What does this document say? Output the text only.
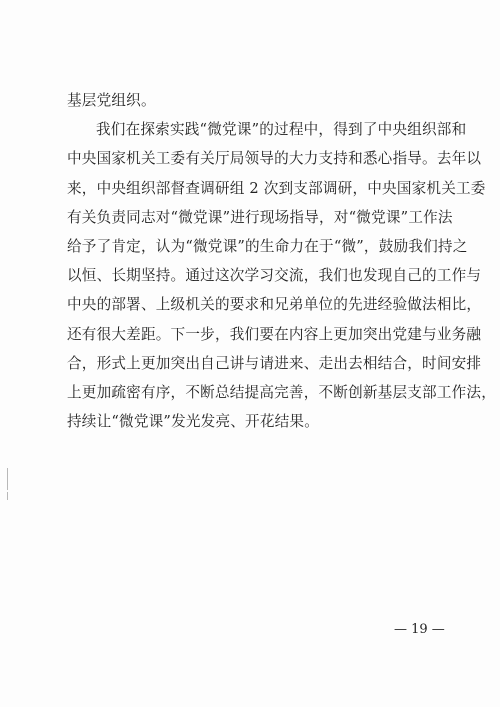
基层党组织。
我们在探索实践“微党课”的过程中，得到了中央组织部和
中央国家机关工委有关厅局领导的大力支持和悉心指导。去年以
来，中央组织部督查调研组 2 次到支部调研，中央国家机关工委
有关负责同志对“微党课”进行现场指导，对“微党课”工作法
给予了肯定，认为“微党课”的生命力在于“微”，鼓励我们持之
以恒、长期坚持。通过这次学习交流，我们也发现自己的工作与
中央的部署、上级机关的要求和兄弟单位的先进经验做法相比，
还有很大差距。下一步，我们要在内容上更加突出党建与业务融
合，形式上更加突出自己讲与请进来、走出去相结合，时间安排
上更加疏密有序，不断总结提高完善，不断创新基层支部工作法，
持续让“微党课”发光发亮、开花结果。
— 19 —
